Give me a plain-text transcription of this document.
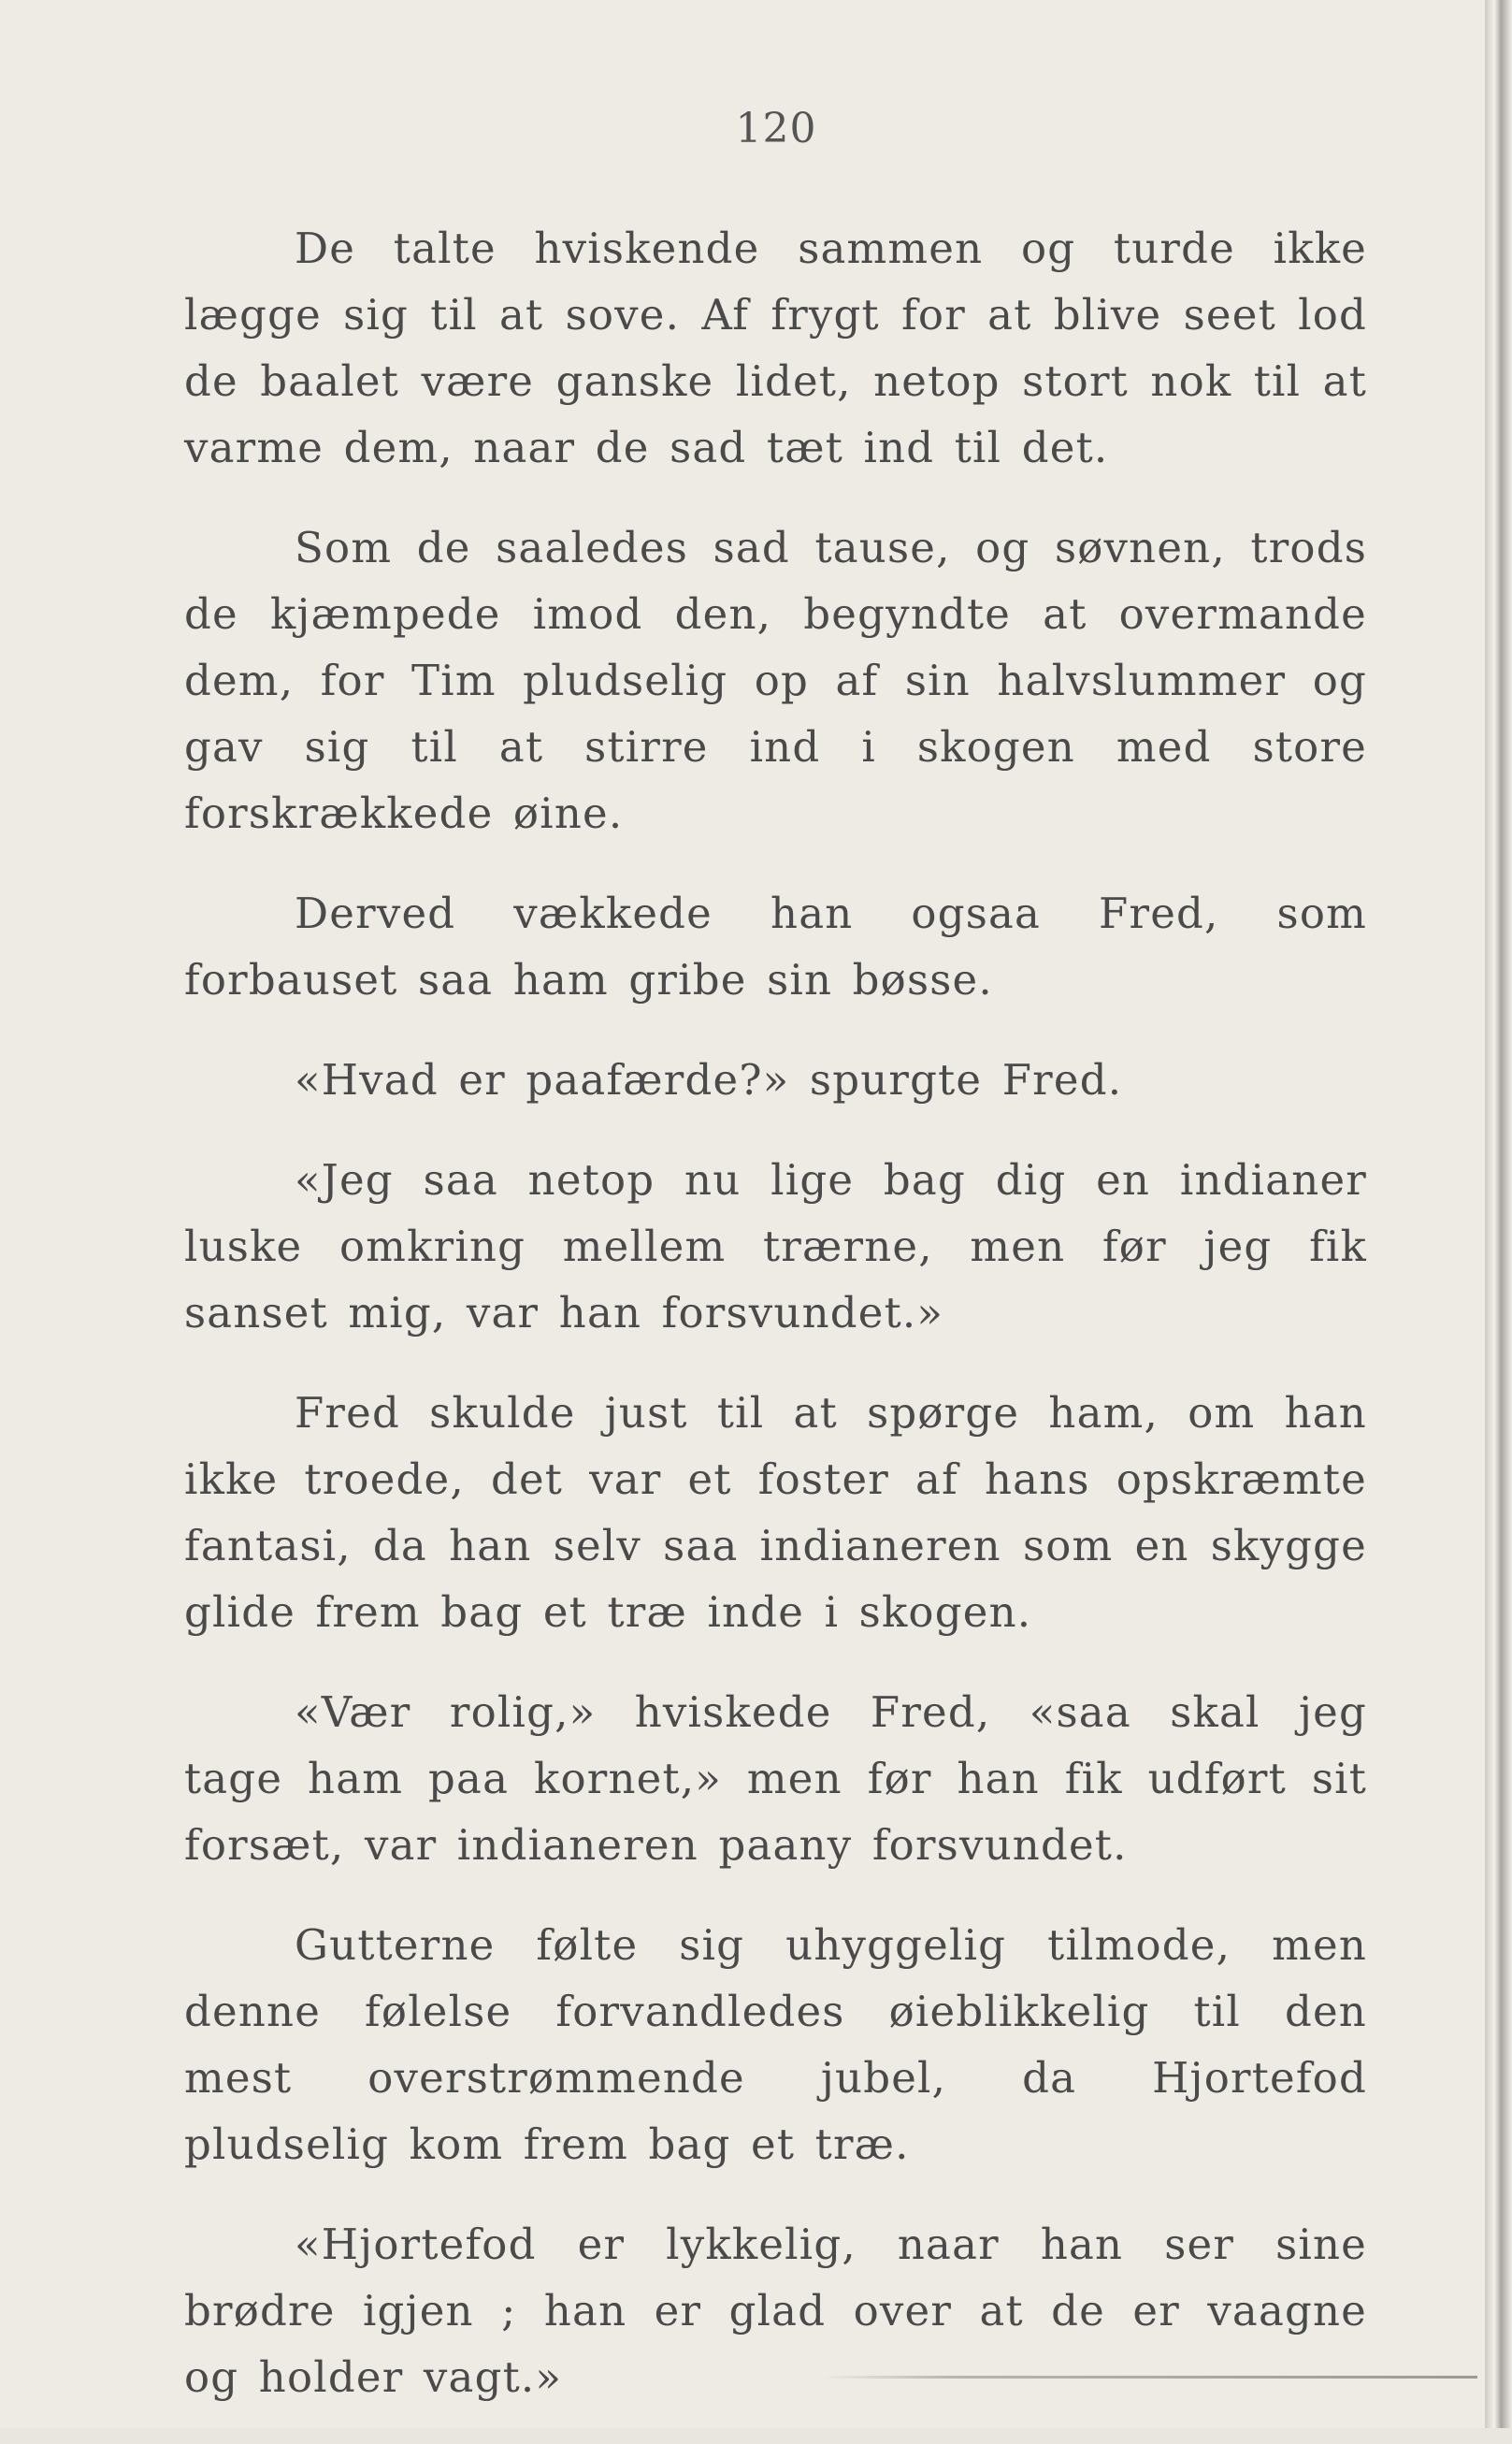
120

De talte hviskende sammen og turde ikke lægge sig til at sove. Af frygt for at blive seet lod de baalet være ganske lidet, netop stort nok til at varme dem, naar de sad tæt ind til det.

Som de saaledes sad tause, og søvnen, trods de kjæmpede imod den, begyndte at overmande dem, for Tim pludselig op af sin halvslummer og gav sig til at stirre ind i skogen med store forskrækkede øine.

Derved vækkede han ogsaa Fred, som forbauset saa ham gribe sin bøsse.

«Hvad er paafærde?» spurgte Fred.

«Jeg saa netop nu lige bag dig en indianer luske omkring mellem trærne, men før jeg fik sanset mig, var han forsvundet.»

Fred skulde just til at spørge ham, om han ikke troede, det var et foster af hans opskræmte fantasi, da han selv saa indianeren som en skygge glide frem bag et træ inde i skogen.

«Vær rolig,» hviskede Fred, «saa skal jeg tage ham paa kornet,» men før han fik udført sit forsæt, var indianeren paany forsvundet.

Gutterne følte sig uhyggelig tilmode, men denne følelse forvandledes øieblikkelig til den mest overstrømmende jubel, da Hjortefod pludselig kom frem bag et træ.

«Hjortefod er lykkelig, naar han ser sine brødre igjen ; han er glad over at de er vaagne og holder vagt.»
